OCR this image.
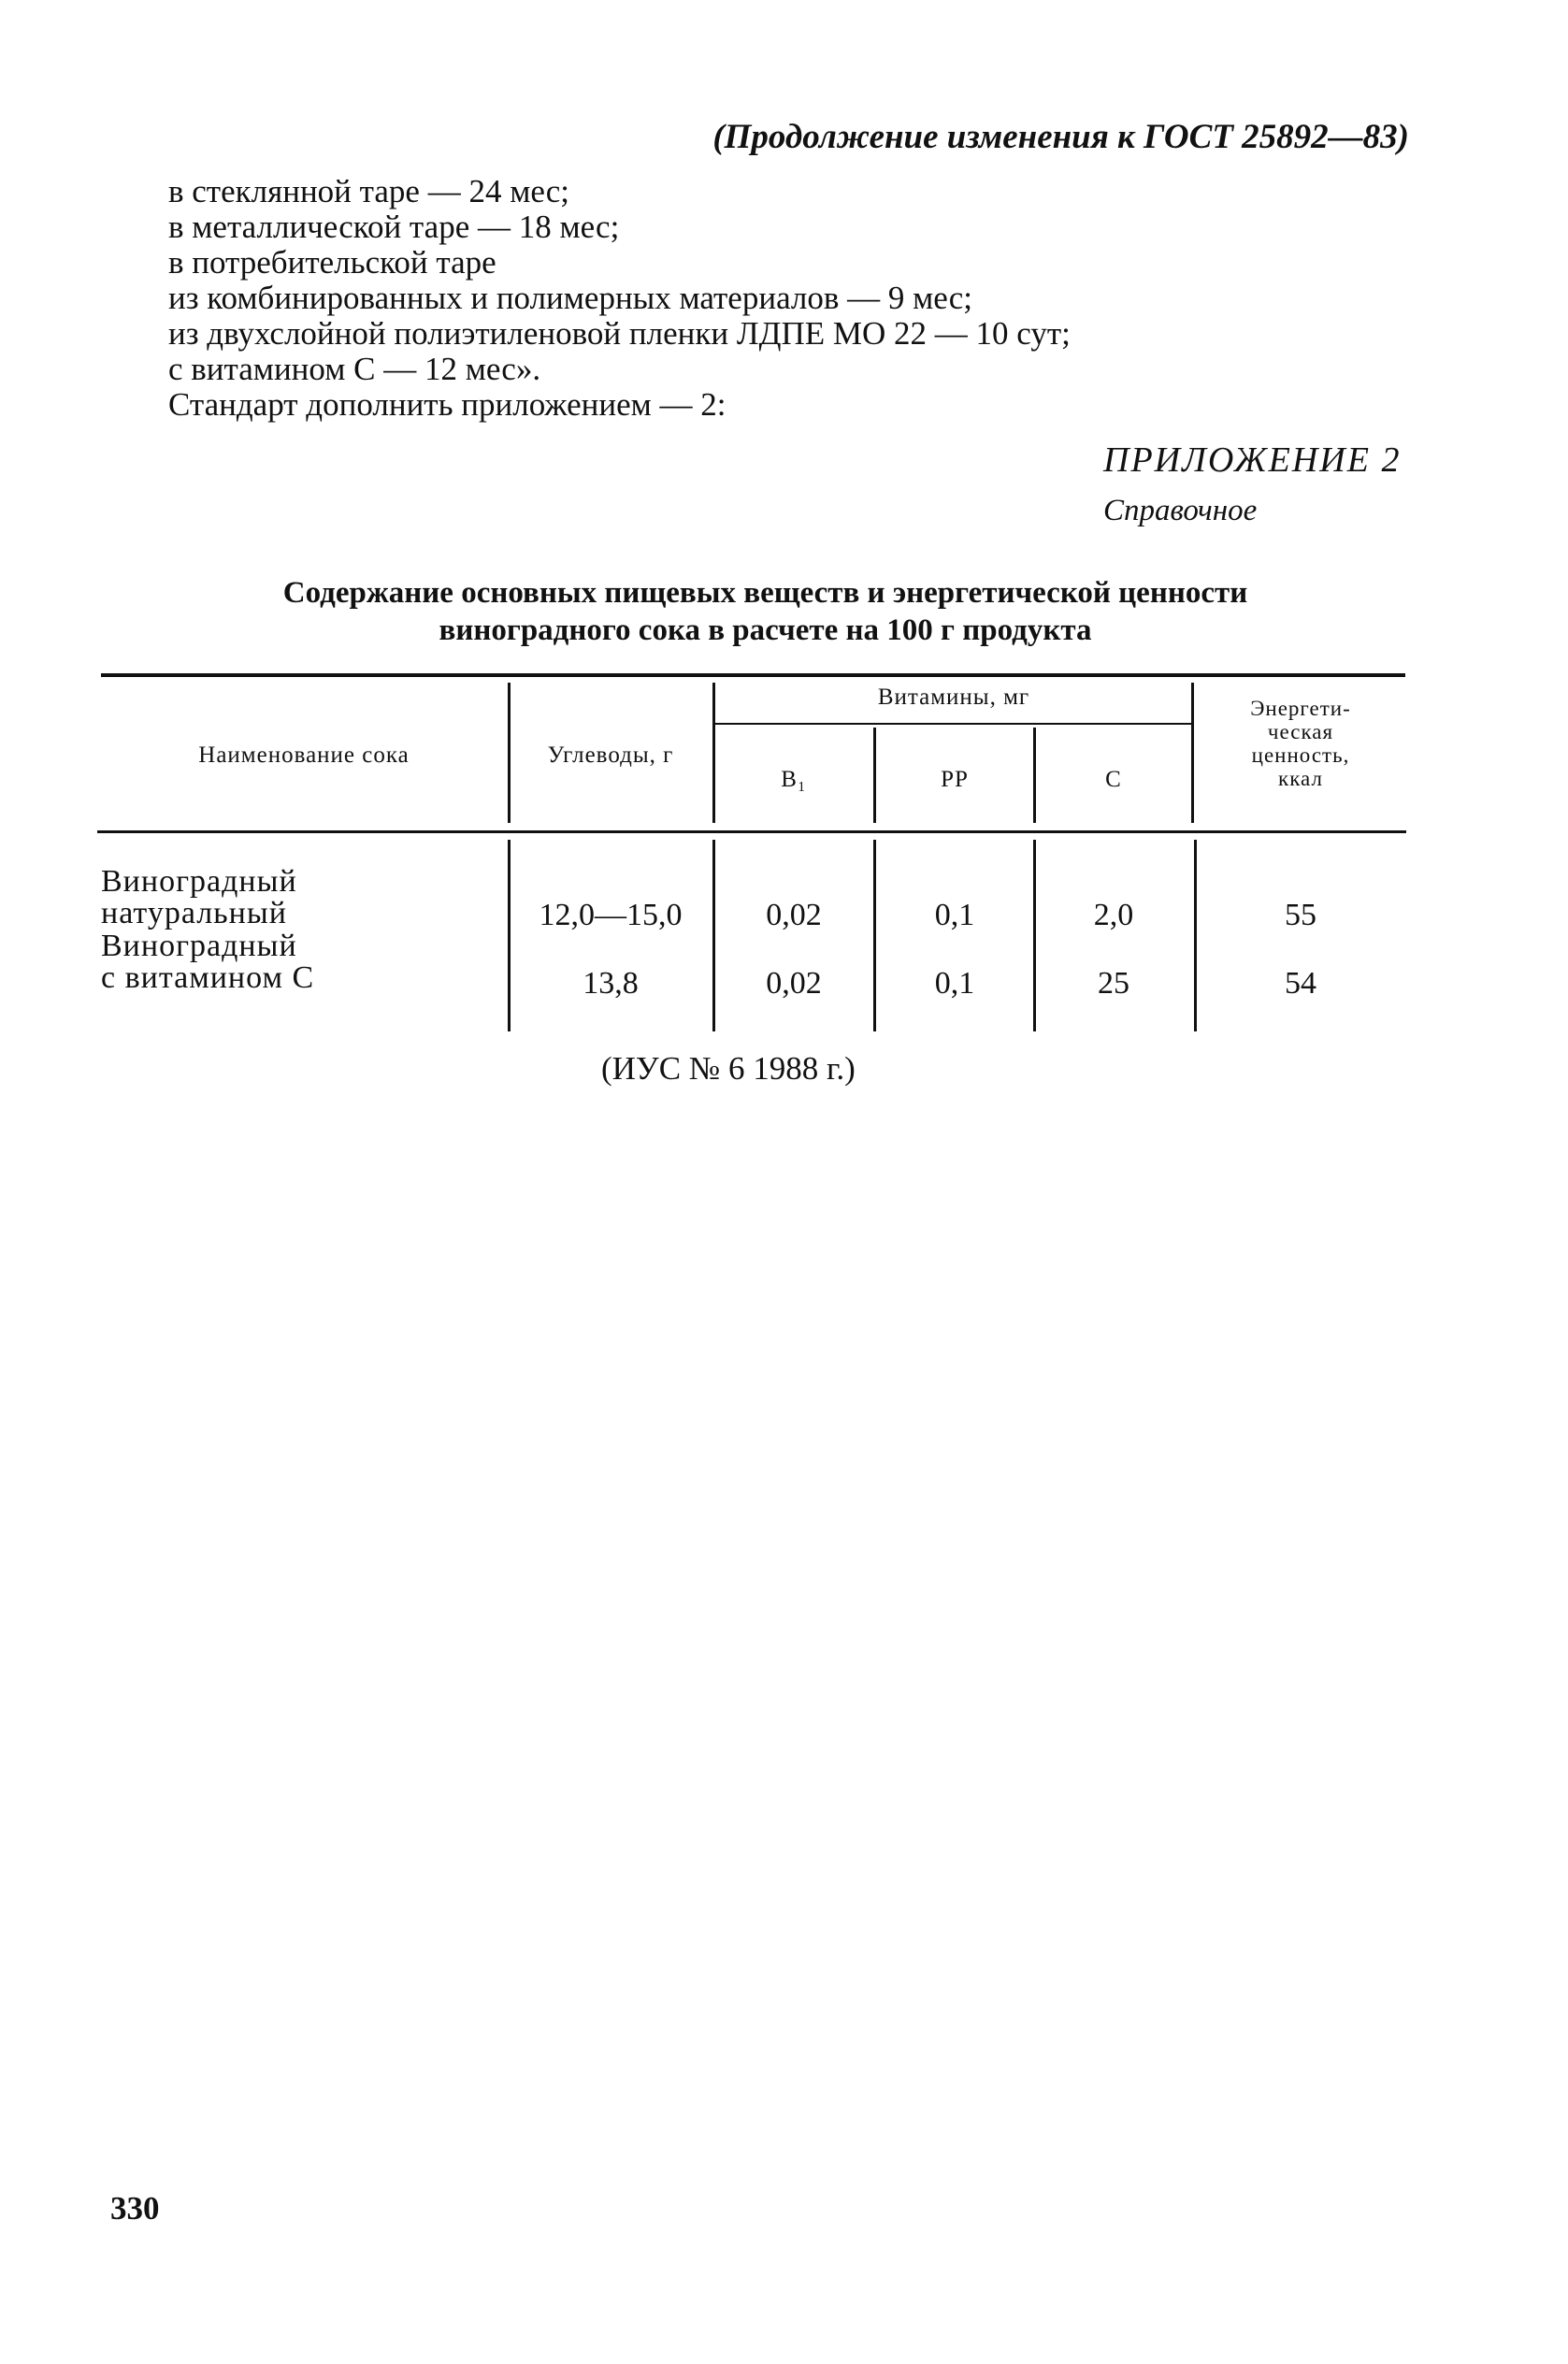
(Продолжение изменения к ГОСТ 25892—83)
в стеклянной таре — 24 мес;
в металлической таре — 18 мес;
в потребительской таре
из комбинированных и полимерных материалов — 9 мес;
из двухслойной полиэтиленовой пленки ЛДПЕ МО 22 — 10 сут;
с витамином С — 12 мес».
Стандарт дополнить приложением — 2:
ПРИЛОЖЕНИЕ 2
Справочное
Содержание основных пищевых веществ и энергетической ценности
виноградного сока в расчете на 100 г продукта
Наименование сока	Углеводы, г
Витамины, мг
B₁	PP	C
Энергети-
ческая
ценность,
ккал
Виноградный
натуральный	12,0—15,0	0,02	0,1	2,0	55
Виноградный
с витамином С	13,8	0,02	0,1	25	54
(ИУС № 6 1988 г.)
330
